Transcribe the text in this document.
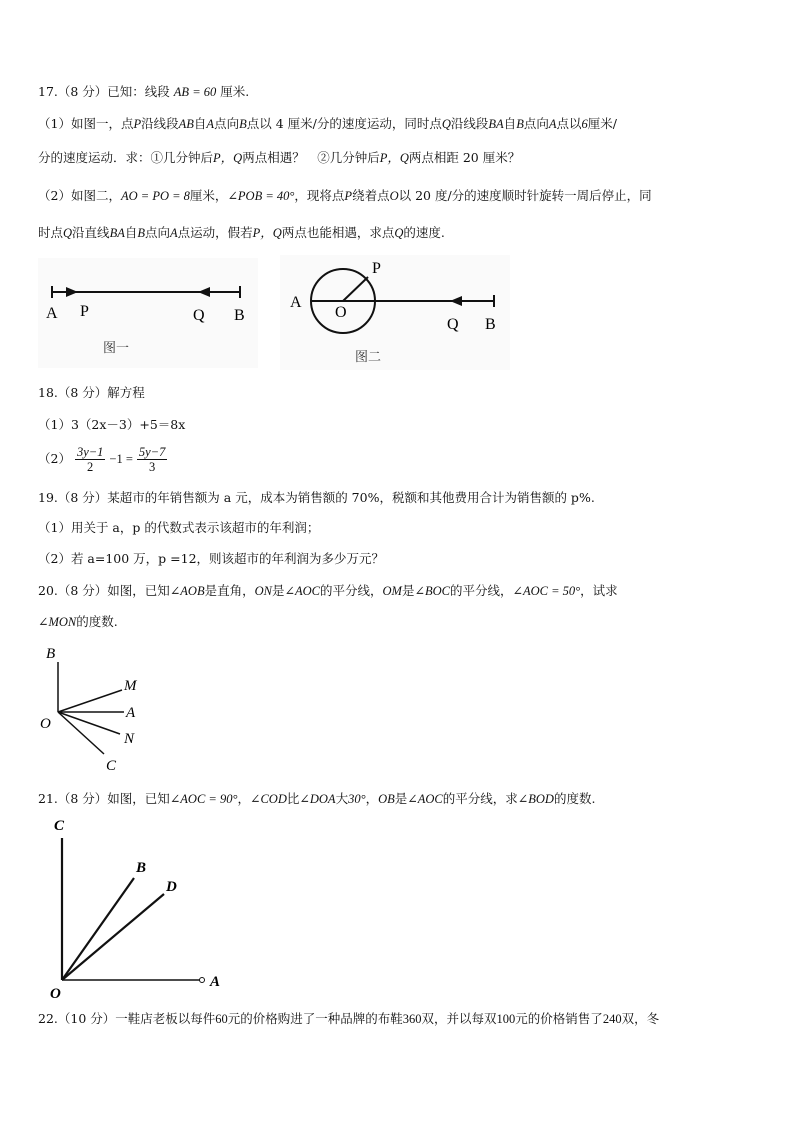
17.（8 分）已知：线段 AB = 60 厘米.
（1）如图一，点P沿线段AB自A点向B点以 4 厘米/分的速度运动，同时点Q沿线段BA自B点向A点以6厘米/
分的速度运动．求：①几分钟后P，Q两点相遇？　②几分钟后P，Q两点相距 20 厘米？
（2）如图二，AO = PO = 8厘米，∠POB = 40°，现将点P绕着点O以 20 度/分的速度顺时针旋转一周后停止，同
时点Q沿直线BA自B点向A点运动，假若P，Q两点也能相遇，求点Q的速度.
A P	Q B
图一
A
O
P
Q B
图二
18.（8 分）解方程
（1）3（2x－3）+5＝8x
$(2) \frac{3y-1}{2} -1 = \frac{5y-7}{3}$
19.（8 分）某超市的年销售额为 a 元，成本为销售额的 70%，税额和其他费用合计为销售额的 p%.
（1）用关于 a，p 的代数式表示该超市的年利润；
（2）若 a=100 万，p =12，则该超市的年利润为多少万元？
20.（8 分）如图，已知∠AOB是直角，ON是∠AOC的平分线，OM是∠BOC的平分线，∠AOC = 50°，试求
∠MON的度数.
B
M
A
O
N
C
21.（8 分）如图，已知∠AOC = 90°，∠COD比∠DOA大30°，OB是∠AOC的平分线，求∠BOD的度数.
C
B
D
O
A
22.（10 分）一鞋店老板以每件60元的价格购进了一种品牌的布鞋360双，并以每双100元的价格销售了240双，冬
